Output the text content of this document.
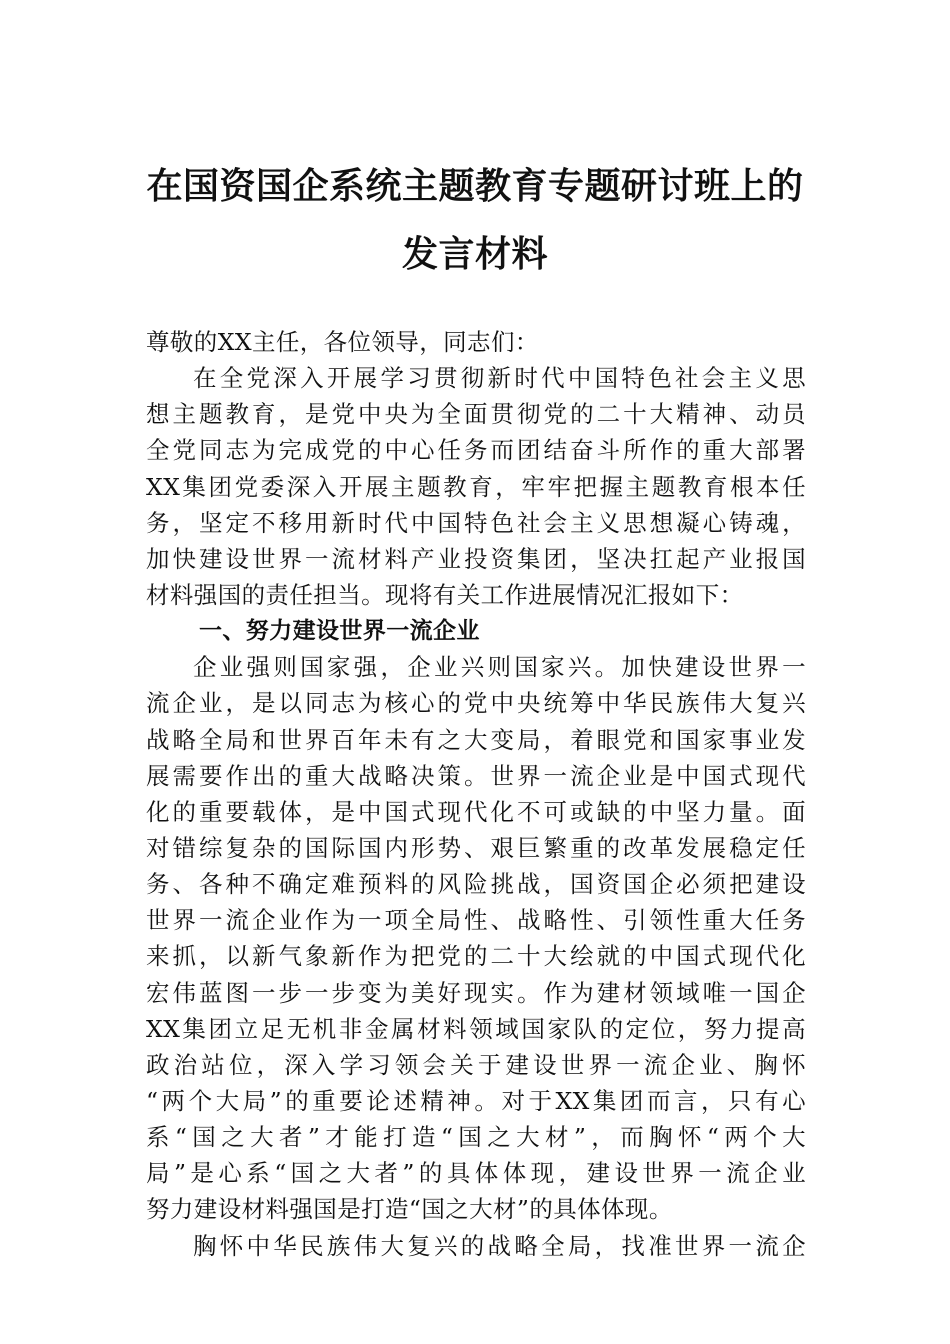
在国资国企系统主题教育专题研讨班上的
发言材料
尊敬的XX主任，各位领导，同志们：
在全党深入开展学习贯彻新时代中国特色社会主义思
想主题教育，是党中央为全面贯彻党的二十大精神、动员
全党同志为完成党的中心任务而团结奋斗所作的重大部署
XX集团党委深入开展主题教育，牢牢把握主题教育根本任
务，坚定不移用新时代中国特色社会主义思想凝心铸魂，
加快建设世界一流材料产业投资集团，坚决扛起产业报国
材料强国的责任担当。现将有关工作进展情况汇报如下：
一、努力建设世界一流企业
企业强则国家强，企业兴则国家兴。加快建设世界一
流企业，是以同志为核心的党中央统筹中华民族伟大复兴
战略全局和世界百年未有之大变局，着眼党和国家事业发
展需要作出的重大战略决策。世界一流企业是中国式现代
化的重要载体，是中国式现代化不可或缺的中坚力量。面
对错综复杂的国际国内形势、艰巨繁重的改革发展稳定任
务、各种不确定难预料的风险挑战，国资国企必须把建设
世界一流企业作为一项全局性、战略性、引领性重大任务
来抓，以新气象新作为把党的二十大绘就的中国式现代化
宏伟蓝图一步一步变为美好现实。作为建材领域唯一国企
XX集团立足无机非金属材料领域国家队的定位，努力提高
政治站位，深入学习领会关于建设世界一流企业、胸怀
“两个大局”的重要论述精神。对于XX集团而言，只有心
系“国之大者”才能打造“国之大材”，而胸怀“两个大
局”是心系“国之大者”的具体体现，建设世界一流企业
努力建设材料强国是打造“国之大材”的具体体现。
胸怀中华民族伟大复兴的战略全局，找准世界一流企
